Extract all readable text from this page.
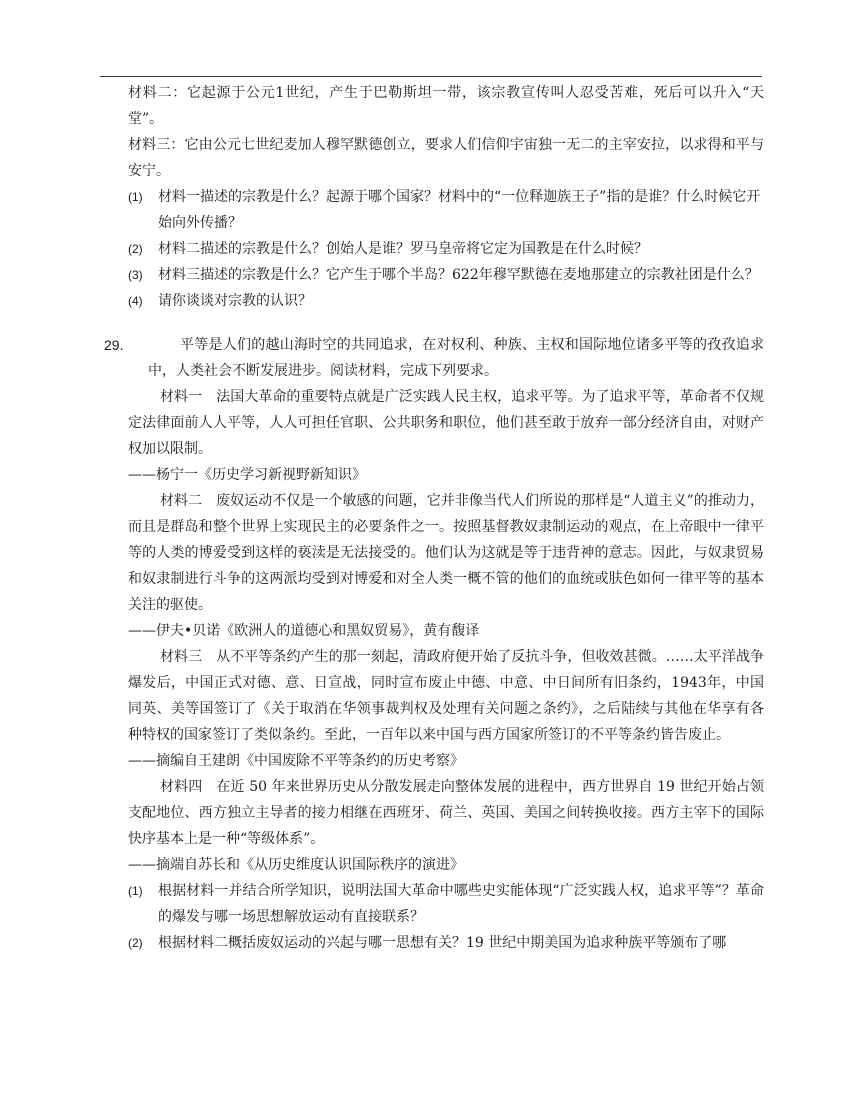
材料二：它起源于公元1世纪，产生于巴勒斯坦一带，该宗教宣传叫人忍受苦难，死后可以升入“天堂”。

材料三：它由公元七世纪麦加人穆罕默德创立，要求人们信仰宇宙独一无二的主宰安拉，以求得和平与安宁。

(1) 材料一描述的宗教是什么？起源于哪个国家？材料中的“一位释迦族王子”指的是谁？什么时候它开始向外传播？

(2) 材料二描述的宗教是什么？创始人是谁？罗马皇帝将它定为国教是在什么时候？

(3) 材料三描述的宗教是什么？它产生于哪个半岛？622年穆罕默德在麦地那建立的宗教社团是什么？

(4) 请你谈谈对宗教的认识？

29.	平等是人们的越山海时空的共同追求，在对权利、种族、主权和国际地位诸多平等的孜孜追求中，人类社会不断发展进步。阅读材料，完成下列要求。

材料一　法国大革命的重要特点就是广泛实践人民主权，追求平等。为了追求平等，革命者不仅规定法律面前人人平等，人人可担任官职、公共职务和职位，他们甚至敢于放弃一部分经济自由，对财产权加以限制。

——杨宁一《历史学习新视野新知识》

材料二　废奴运动不仅是一个敏感的问题，它并非像当代人们所说的那样是“人道主义”的推动力，而且是群岛和整个世界上实现民主的必要条件之一。按照基督教奴隶制运动的观点，在上帝眼中一律平等的人类的博爱受到这样的亵渎是无法接受的。他们认为这就是等于违背神的意志。因此，与奴隶贸易和奴隶制进行斗争的这两派均受到对博爱和对全人类一概不管的他们的血统或肤色如何一律平等的基本关注的驱使。

——伊夫•贝诺《欧洲人的道德心和黑奴贸易》，黄有馥译

材料三　从不平等条约产生的那一刻起，清政府便开始了反抗斗争，但收效甚微。……太平洋战争爆发后，中国正式对德、意、日宣战，同时宣布废止中德、中意、中日间所有旧条约，1943年，中国同英、美等国签订了《关于取消在华领事裁判权及处理有关问题之条约》，之后陆续与其他在华享有各种特权的国家签订了类似条约。至此，一百年以来中国与西方国家所签订的不平等条约皆告废止。

——摘编自王建朗《中国废除不平等条约的历史考察》

材料四　在近 50 年来世界历史从分散发展走向整体发展的进程中，西方世界自 19 世纪开始占领支配地位、西方独立主导者的接力相继在西班牙、荷兰、英国、美国之间转换收接。西方主宰下的国际快序基本上是一种“等级体系”。

——摘端自苏长和《从历史维度认识国际秩序的演进》

(1) 根据材料一并结合所学知识，说明法国大革命中哪些史实能体现“广泛实践人权，追求平等”？革命的爆发与哪一场思想解放运动有直接联系？

(2) 根据材料二概括废奴运动的兴起与哪一思想有关？19 世纪中期美国为追求种族平等颁布了哪
